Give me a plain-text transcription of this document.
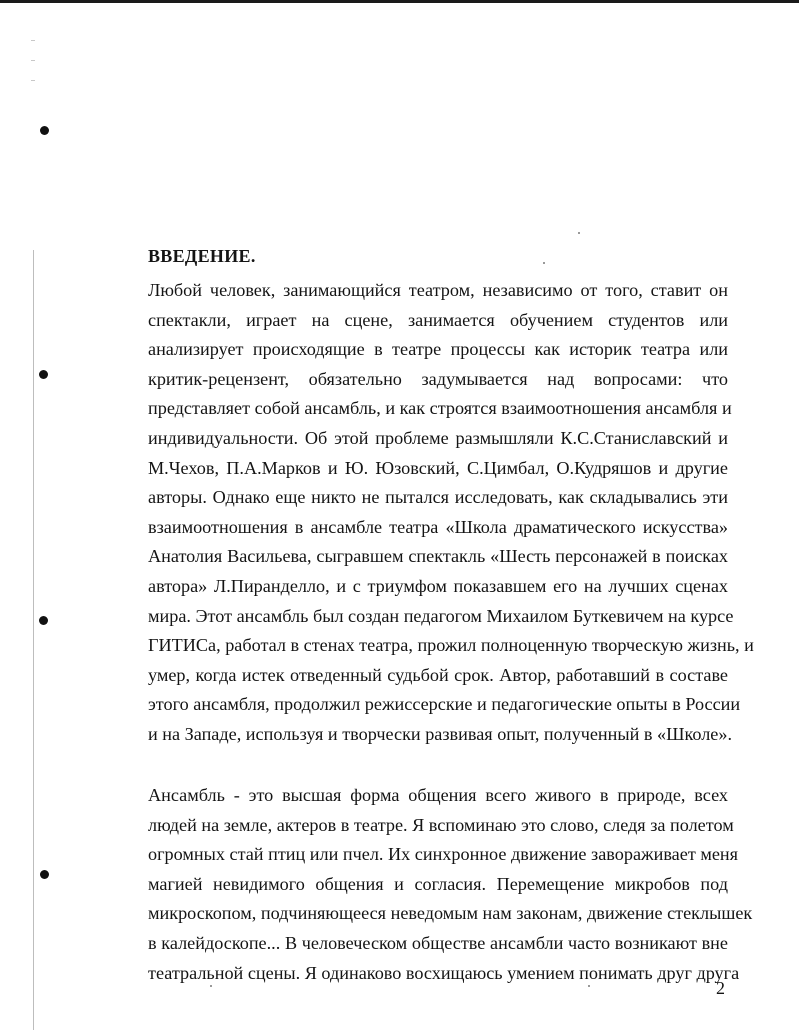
ВВЕДЕНИЕ.
Любой человек, занимающийся театром, независимо от того, ставит он
спектакли, играет на сцене, занимается обучением студентов или
анализирует происходящие в театре процессы как историк театра или
критик-рецензент, обязательно задумывается над вопросами: что
представляет собой ансамбль, и как строятся взаимоотношения ансамбля и
индивидуальности. Об этой проблеме размышляли К.С.Станиславский и
М.Чехов, П.А.Марков и Ю. Юзовский, С.Цимбал, О.Кудряшов и другие
авторы. Однако еще никто не пытался исследовать, как складывались эти
взаимоотношения в ансамбле театра «Школа драматического искусства»
Анатолия Васильева, сыгравшем спектакль «Шесть персонажей в поисках
автора» Л.Пиранделло, и с триумфом показавшем его на лучших сценах
мира. Этот ансамбль был создан педагогом Михаилом Буткевичем на курсе
ГИТИСа, работал в стенах театра, прожил полноценную творческую жизнь, и
умер, когда истек отведенный судьбой срок. Автор, работавший в составе
этого ансамбля, продолжил режиссерские и педагогические опыты в России
и на Западе, используя и творчески развивая опыт, полученный в «Школе».
Ансамбль - это высшая форма общения всего живого в природе, всех
людей на земле, актеров в театре. Я вспоминаю это слово, следя за полетом
огромных стай птиц или пчел. Их синхронное движение завораживает меня
магией невидимого общения и согласия. Перемещение микробов под
микроскопом, подчиняющееся неведомым нам законам, движение стеклышек
в калейдоскопе... В человеческом обществе ансамбли часто возникают вне
театральной сцены. Я одинаково восхищаюсь умением понимать друг друга
2
